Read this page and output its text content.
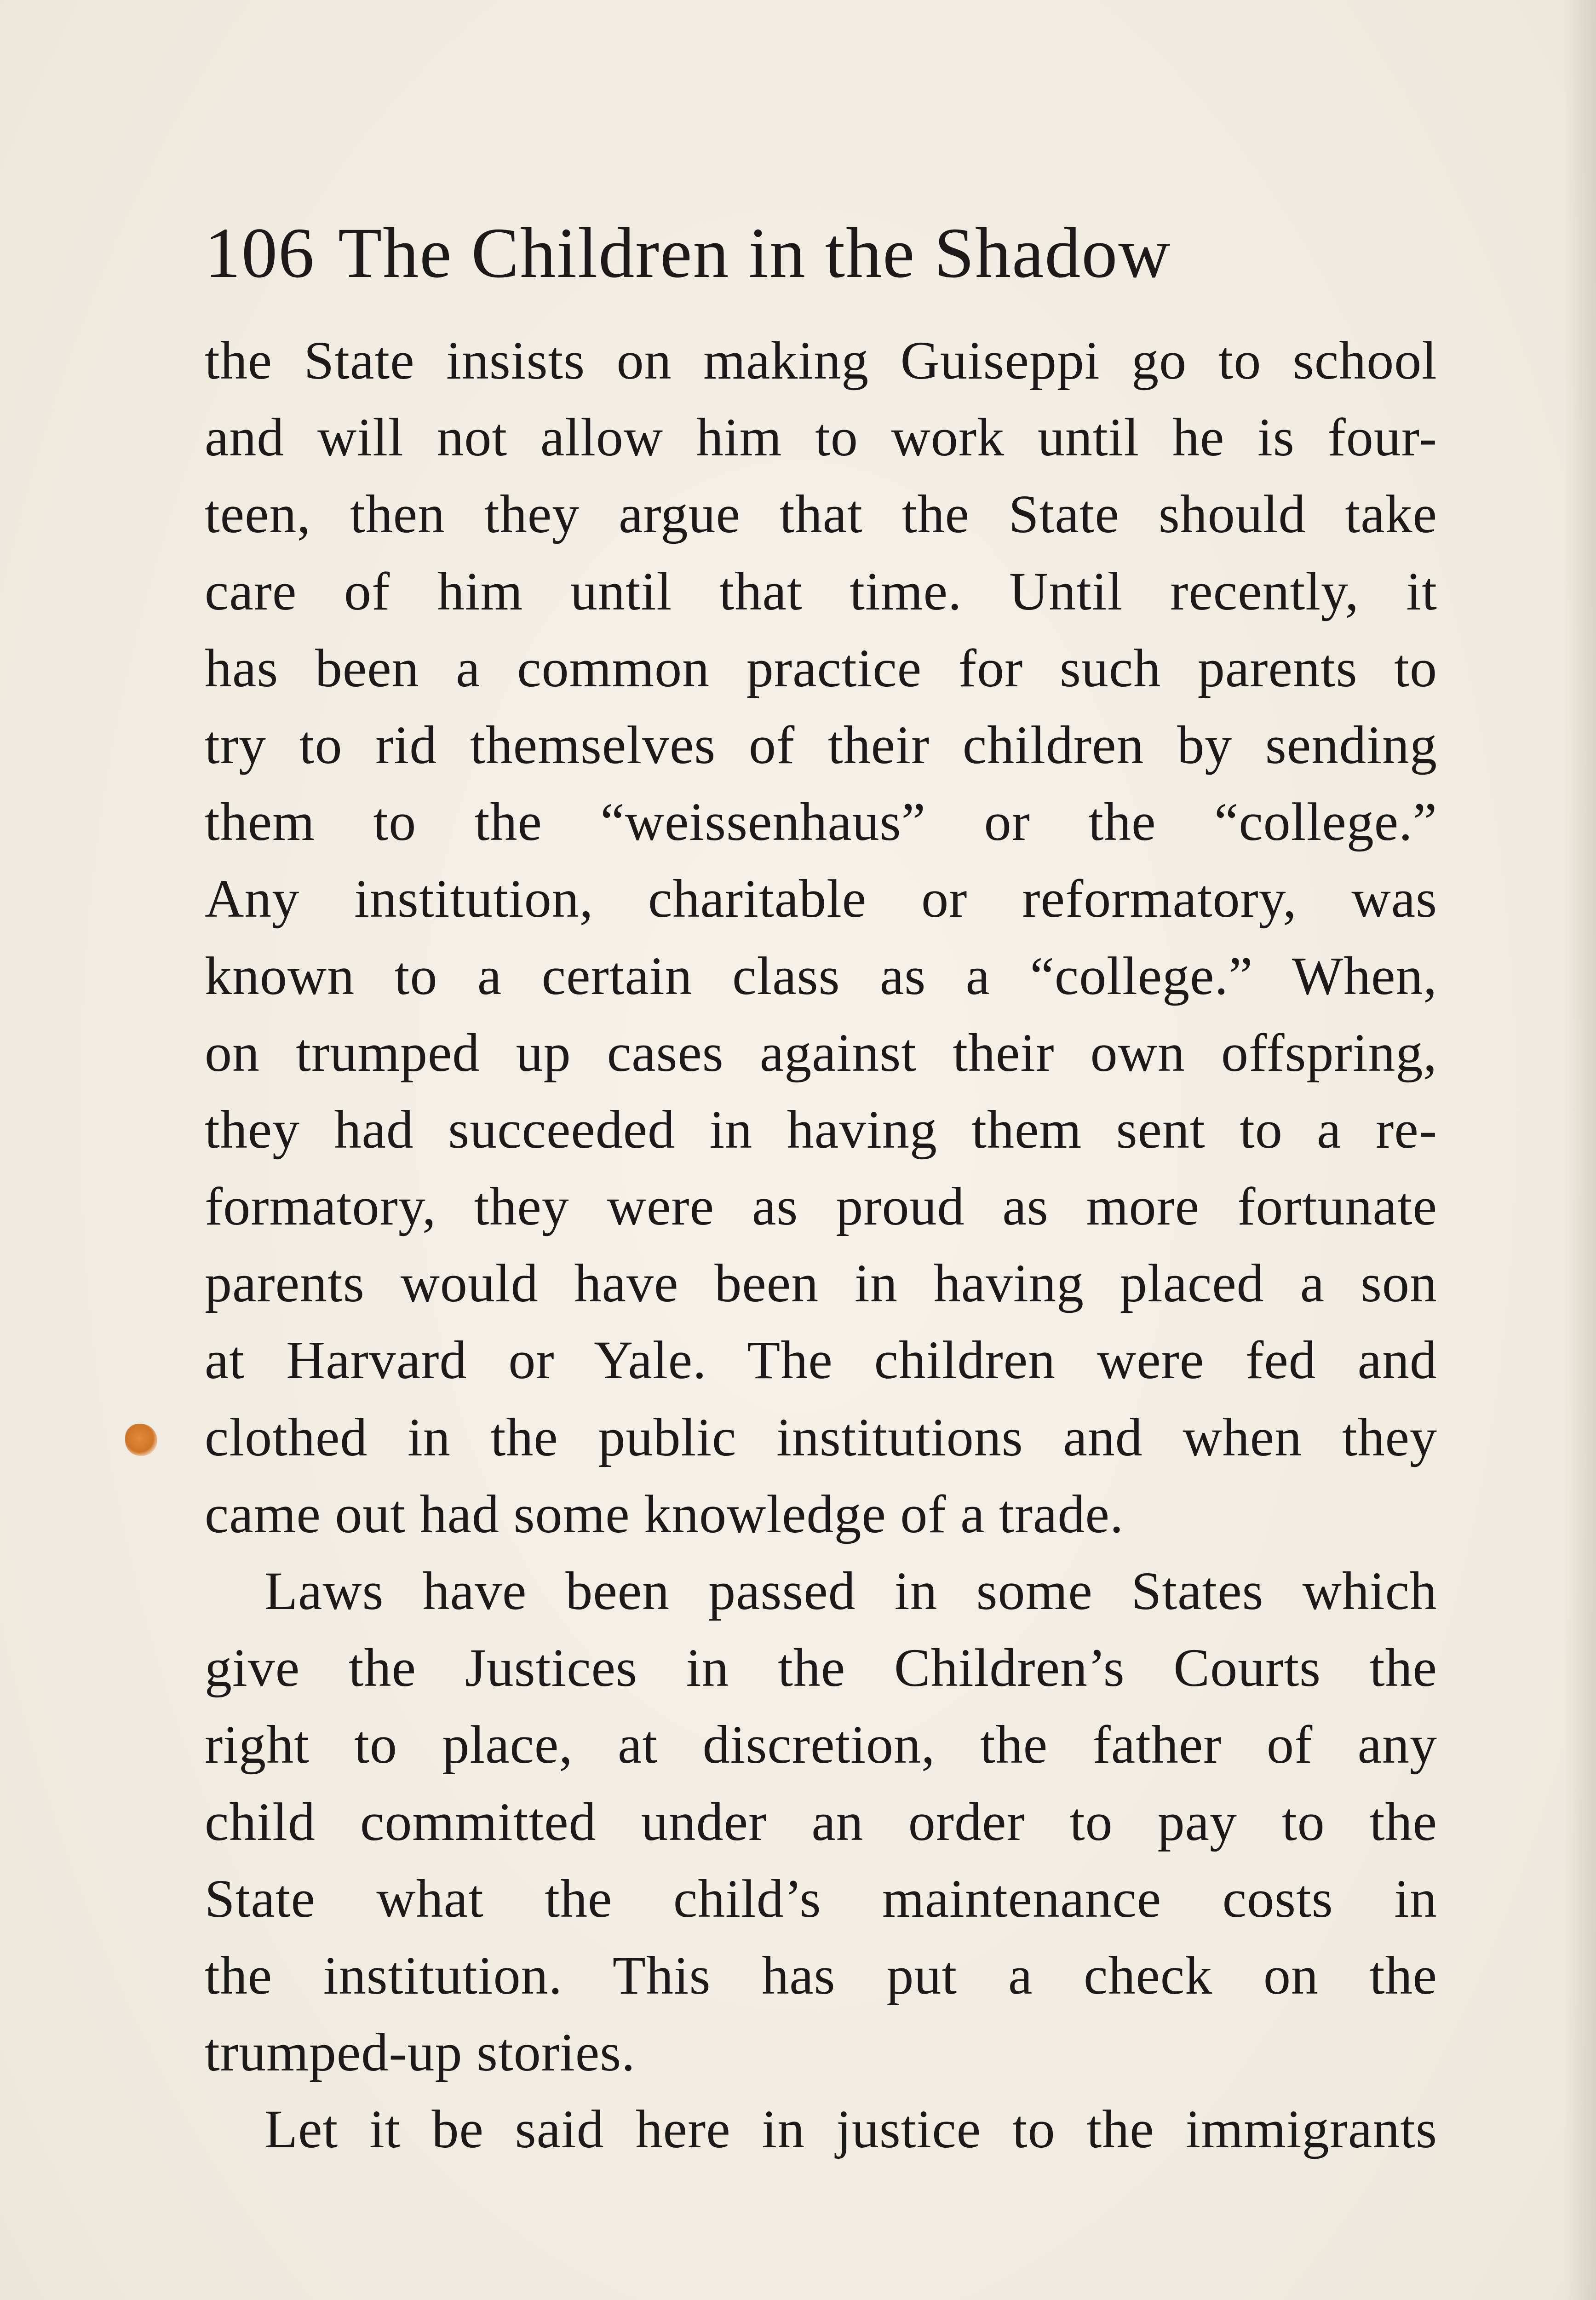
106 The Children in the Shadow
the State insists on making Guiseppi go to school
and will not allow him to work until he is four-
teen, then they argue that the State should take
care of him until that time. Until recently, it
has been a common practice for such parents to
try to rid themselves of their children by sending
them to the “weissenhaus” or the “college.”
Any institution, charitable or reformatory, was
known to a certain class as a “college.” When,
on trumped up cases against their own offspring,
they had succeeded in having them sent to a re-
formatory, they were as proud as more fortunate
parents would have been in having placed a son
at Harvard or Yale. The children were fed and
clothed in the public institutions and when they
came out had some knowledge of a trade.
Laws have been passed in some States which
give the Justices in the Children’s Courts the
right to place, at discretion, the father of any
child committed under an order to pay to the
State what the child’s maintenance costs in
the institution. This has put a check on the
trumped-up stories.
Let it be said here in justice to the immigrants
